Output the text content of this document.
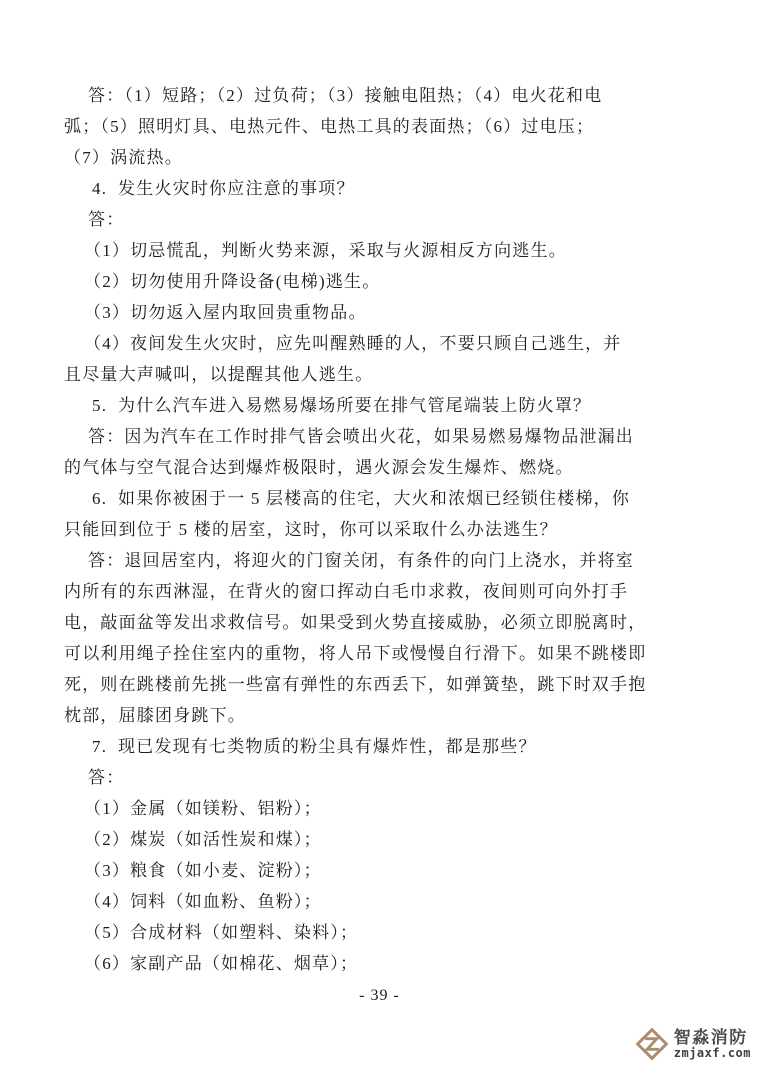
答：（1）短路；（2）过负荷；（3）接触电阻热；（4）电火花和电
弧；（5）照明灯具、电热元件、电热工具的表面热；（6）过电压；
（7）涡流热。
4.  发生火灾时你应注意的事项？
答：
（1）切忌慌乱，判断火势来源，采取与火源相反方向逃生。
（2）切勿使用升降设备(电梯)逃生。
（3）切勿返入屋内取回贵重物品。
（4）夜间发生火灾时，应先叫醒熟睡的人，不要只顾自己逃生，并
且尽量大声喊叫，以提醒其他人逃生。
5.  为什么汽车进入易燃易爆场所要在排气管尾端装上防火罩？
答：因为汽车在工作时排气皆会喷出火花，如果易燃易爆物品泄漏出
的气体与空气混合达到爆炸极限时，遇火源会发生爆炸、燃烧。
6.  如果你被困于一 5 层楼高的住宅，大火和浓烟已经锁住楼梯，你
只能回到位于 5 楼的居室，这时，你可以采取什么办法逃生？
答：退回居室内，将迎火的门窗关闭，有条件的向门上浇水，并将室
内所有的东西淋湿，在背火的窗口挥动白毛巾求救，夜间则可向外打手
电，敲面盆等发出求救信号。如果受到火势直接威胁，必须立即脱离时，
可以利用绳子拴住室内的重物，将人吊下或慢慢自行滑下。如果不跳楼即
死，则在跳楼前先挑一些富有弹性的东西丢下，如弹簧垫，跳下时双手抱
枕部，屈膝团身跳下。
7.  现已发现有七类物质的粉尘具有爆炸性，都是那些？
答：
（1）金属（如镁粉、铝粉）；
（2）煤炭（如活性炭和煤）；
（3）粮食（如小麦、淀粉）；
（4）饲料（如血粉、鱼粉）；
（5）合成材料（如塑料、染料）；
（6）家副产品（如棉花、烟草）；
- 39 -
智淼消防
zmjaxf.com
